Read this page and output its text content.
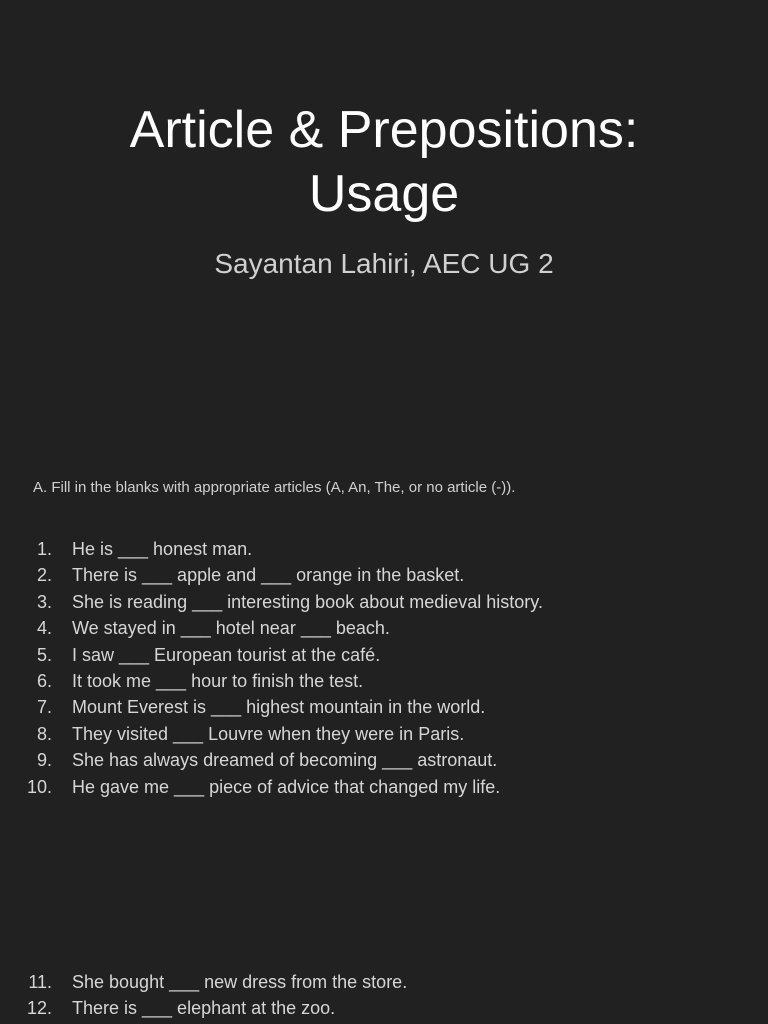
Article & Prepositions:
Usage

Sayantan Lahiri, AEC UG 2

A. Fill in the blanks with appropriate articles (A, An, The, or no article (-)).

1. He is ___ honest man.
2. There is ___ apple and ___ orange in the basket.
3. She is reading ___ interesting book about medieval history.
4. We stayed in ___ hotel near ___ beach.
5. I saw ___ European tourist at the café.
6. It took me ___ hour to finish the test.
7. Mount Everest is ___ highest mountain in the world.
8. They visited ___ Louvre when they were in Paris.
9. She has always dreamed of becoming ___ astronaut.
10. He gave me ___ piece of advice that changed my life.
11. She bought ___ new dress from the store.
12. There is ___ elephant at the zoo.
